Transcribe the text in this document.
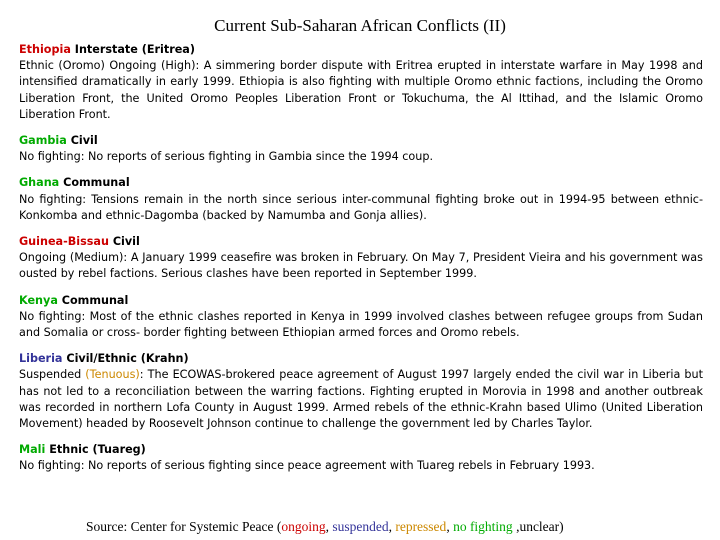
Current Sub-Saharan African Conflicts (II)
Ethiopia Interstate (Eritrea)
Ethnic (Oromo) Ongoing (High): A simmering border dispute with Eritrea erupted in interstate warfare in May 1998 and intensified dramatically in early 1999. Ethiopia is also fighting with multiple Oromo ethnic factions, including the Oromo Liberation Front, the United Oromo Peoples Liberation Front or Tokuchuma, the Al Ittihad, and the Islamic Oromo Liberation Front.
Gambia Civil
No fighting: No reports of serious fighting in Gambia since the 1994 coup.
Ghana Communal
No fighting: Tensions remain in the north since serious inter-communal fighting broke out in 1994-95 between ethnic-Konkomba and ethnic-Dagomba (backed by Namumba and Gonja allies).
Guinea-Bissau Civil
Ongoing (Medium): A January 1999 ceasefire was broken in February. On May 7, President Vieira and his government was ousted by rebel factions. Serious clashes have been reported in September 1999.
Kenya Communal
No fighting: Most of the ethnic clashes reported in Kenya in 1999 involved clashes between refugee groups from Sudan and Somalia or cross- border fighting between Ethiopian armed forces and Oromo rebels.
Liberia Civil/Ethnic (Krahn)
Suspended (Tenuous): The ECOWAS-brokered peace agreement of August 1997 largely ended the civil war in Liberia but has not led to a reconciliation between the warring factions. Fighting erupted in Morovia in 1998 and another outbreak was recorded in northern Lofa County in August 1999. Armed rebels of the ethnic-Krahn based Ulimo (United Liberation Movement) headed by Roosevelt Johnson continue to challenge the government led by Charles Taylor.
Mali Ethnic (Tuareg)
No fighting: No reports of serious fighting since peace agreement with Tuareg rebels in February 1993.
Source: Center for Systemic Peace (ongoing, suspended, repressed, no fighting ,unclear)
